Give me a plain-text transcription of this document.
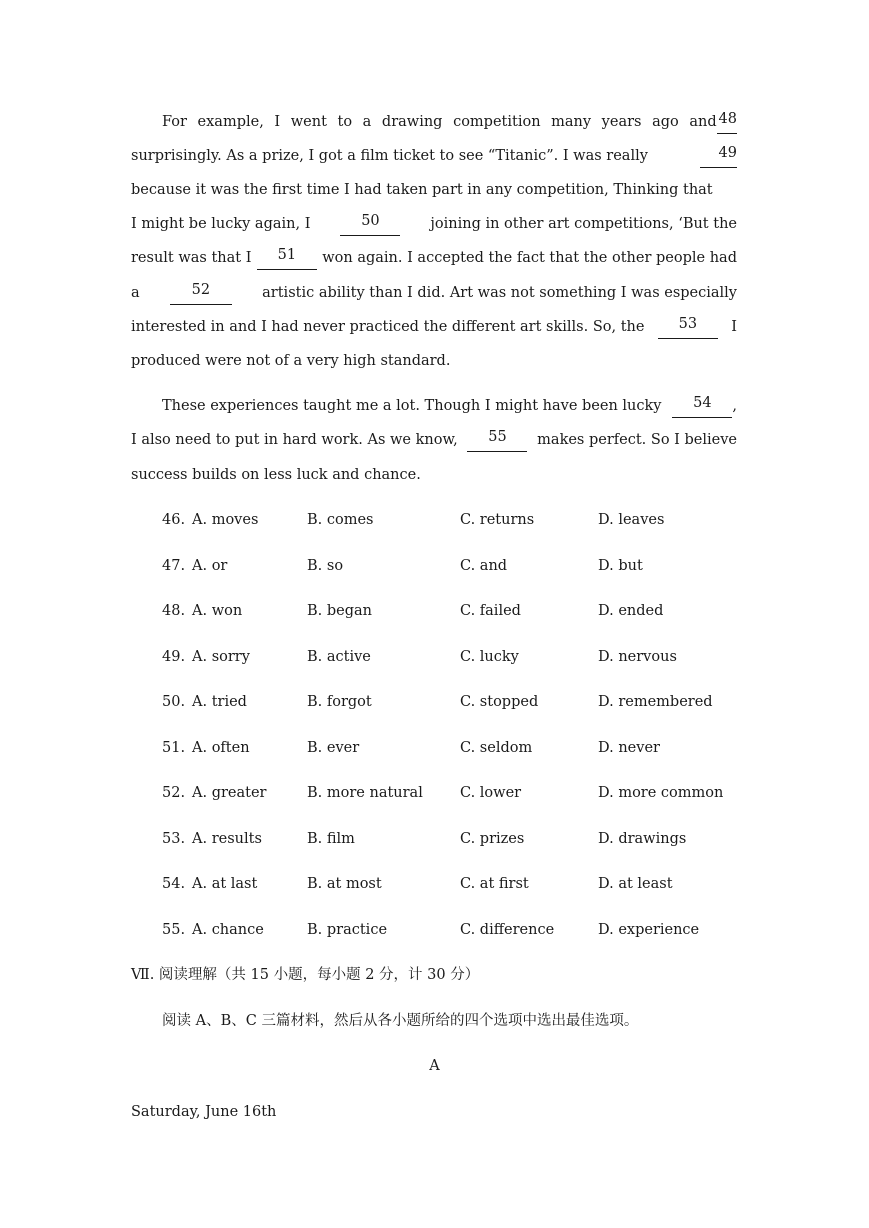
For example, I went to a drawing competition many years ago and 48
surprisingly. As a prize, I got a film ticket to see “Titanic”. I was really	49
because it was the first time I had taken part in any competition, Thinking that
I might be lucky again, I	50	joining in other art competitions, ‘But the
result was that I	51	won again. I accepted the fact that the other people had
a	52	artistic ability than I did. Art was not something I was especially
interested in and I had never practiced the different art skills. So, the	53	I
produced were not of a very high standard.
These experiences taught me a lot. Though I might have been lucky	54	,
I also need to put in hard work. As we know,	55	makes perfect. So I believe
success builds on less luck and chance.
46. A. moves	B. comes	C. returns	D. leaves
47. A. or	B. so	C. and	D. but
48. A. won	B. began	C. failed	D. ended
49. A. sorry	B. active	C. lucky	D. nervous
50. A. tried	B. forgot	C. stopped	D. remembered
51. A. often	B. ever	C. seldom	D. never
52. A. greater	B. more natural	C. lower	D. more common
53. A. results	B. film	C. prizes	D. drawings
54. A. at last	B. at most	C. at first	D. at least
55. A. chance	B. practice	C. difference	D. experience
Ⅶ. 阅读理解（共 15 小题，每小题 2 分，计 30 分）
阅读 A、B、C 三篇材料，然后从各小题所给的四个选项中选出最佳选项。
A
Saturday, June 16th
